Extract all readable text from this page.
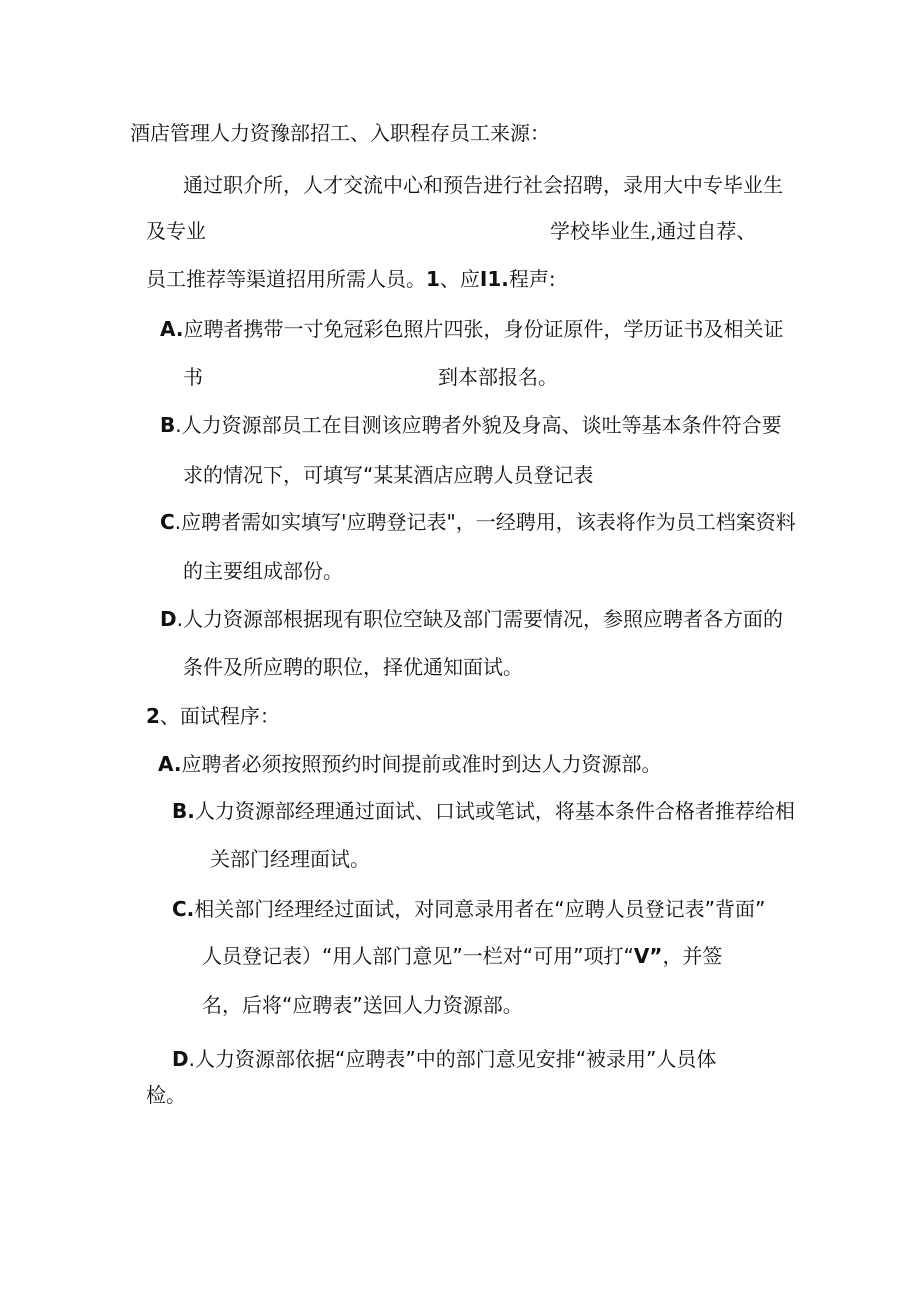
酒店管理人力资豫部招工、入职程存员工来源：

通过职介所，人才交流中心和预告进行社会招聘，录用大中专毕业生

及专业	学校毕业生,通过自荐、

员工推荐等渠道招用所需人员。1、应I1.程声:

A.应聘者携带一寸免冠彩色照片四张，身份证原件，学历证书及相关证

书	到本部报名。

B.人力资源部员工在目测该应聘者外貌及身高、谈吐等基本条件符合要

求的情况下，可填写“某某酒店应聘人员登记表

C.应聘者需如实填写'应聘登记表"，一经聘用，该表将作为员工档案资料

的主要组成部份。

D.人力资源部根据现有职位空缺及部门需要情况，参照应聘者各方面的

条件及所应聘的职位，择优通知面试。

2、面试程序：

A.应聘者必须按照预约时间提前或准时到达人力资源部。

B.人力资源部经理通过面试、口试或笔试，将基本条件合格者推荐给相

关部门经理面试。

C.相关部门经理经过面试，对同意录用者在“应聘人员登记表”背面”

人员登记表）“用人部门意见”一栏对“可用”项打“V”，并签

名，后将“应聘表”送回人力资源部。

D.人力资源部依据“应聘表”中的部门意见安排“被录用”人员体

检。
